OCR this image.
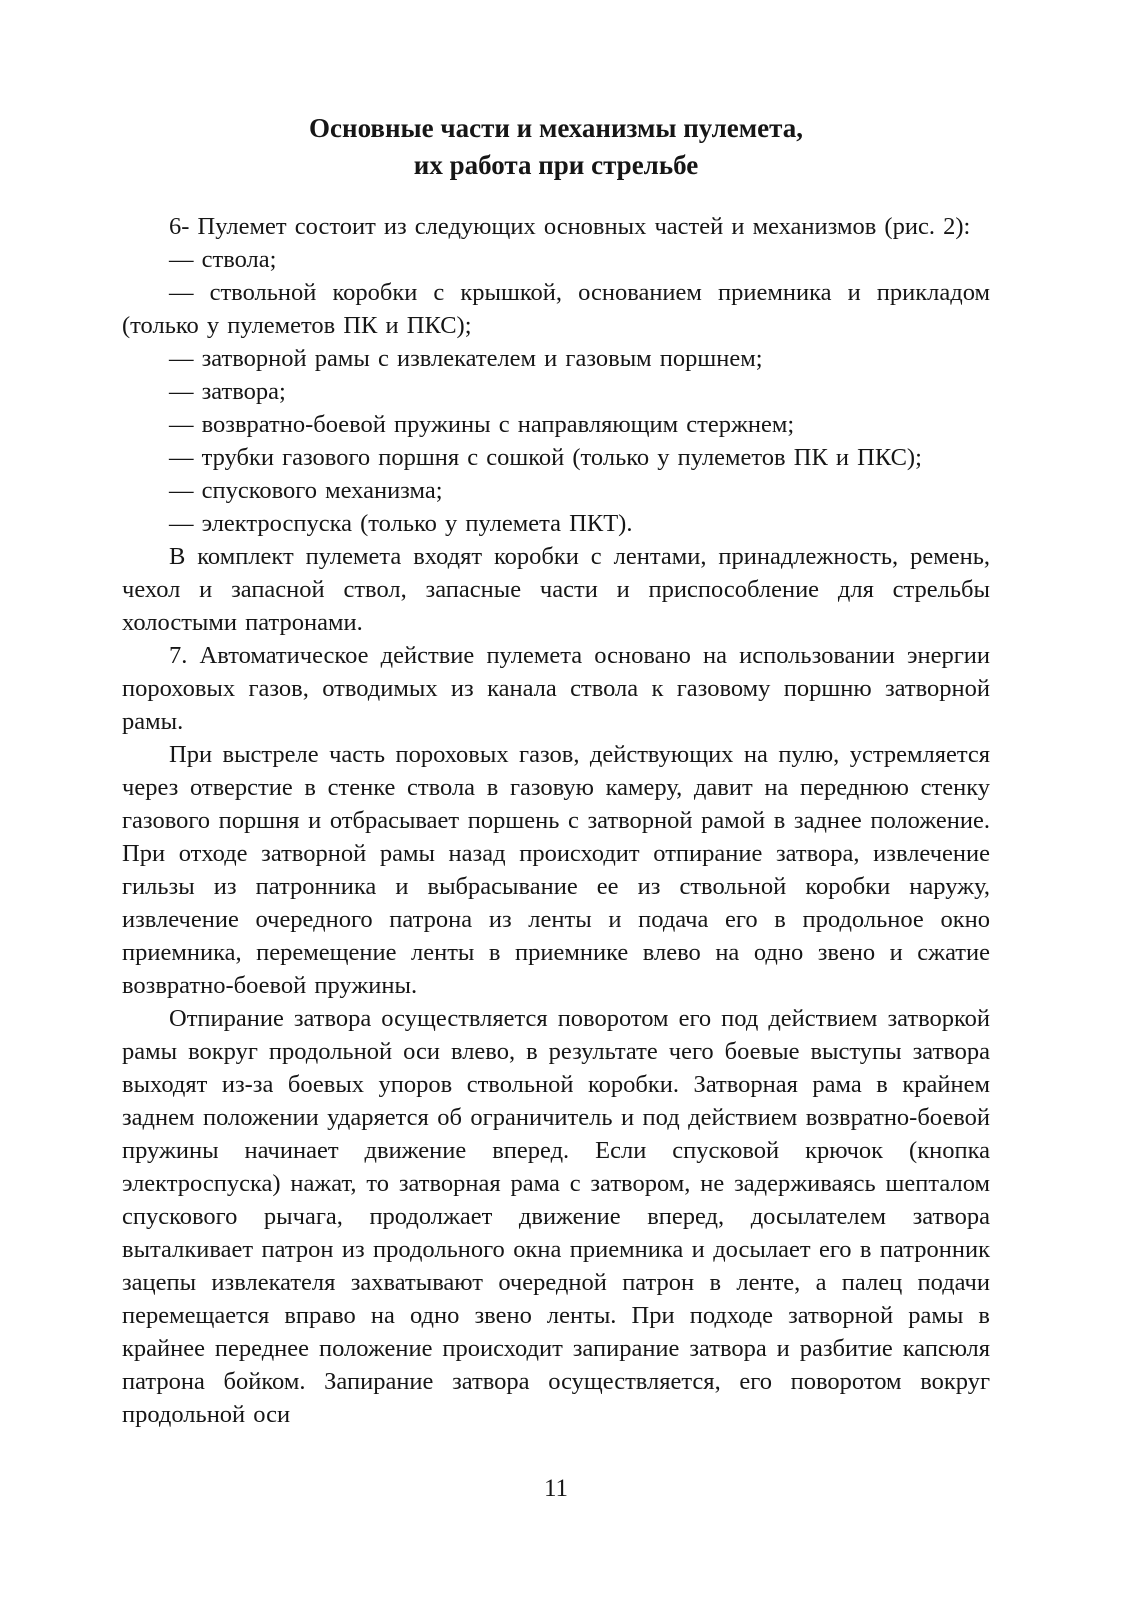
Основные части и механизмы пулемета,
их работа при стрельбе

6- Пулемет состоит из следующих основных частей и механизмов (рис. 2):

— ствола;

— ствольной коробки с крышкой, основанием приемника и прикладом (только у пулеметов ПК и ПКС);

— затворной рамы с извлекателем и газовым поршнем;

— затвора;

— возвратно-боевой пружины с направляющим стержнем;

— трубки газового поршня с сошкой (только у пулеметов ПК и ПКС);

— спускового механизма;

— электроспуска (только у пулемета ПКТ).

В комплект пулемета входят коробки с лентами, принадлежность, ремень, чехол и запасной ствол, запасные части и приспособление для стрельбы холостыми патронами.

7. Автоматическое действие пулемета основано на использовании энергии пороховых газов, отводимых из канала ствола к газовому поршню затворной рамы.

При выстреле часть пороховых газов, действующих на пулю, устремляется через отверстие в стенке ствола в газовую камеру, давит на переднюю стенку газового поршня и отбрасывает поршень с затворной рамой в заднее положение. При отходе затворной рамы назад происходит отпирание затвора, извлечение гильзы из патронника и выбрасывание ее из ствольной коробки наружу, извлечение очередного патрона из ленты и подача его в продольное окно приемника, перемещение ленты в приемнике влево на одно звено и сжатие возвратно-боевой пружины.

Отпирание затвора осуществляется поворотом его под действием затворкой рамы вокруг продольной оси влево, в результате чего боевые выступы затвора выходят из-за боевых упоров ствольной коробки. Затворная рама в крайнем заднем положении ударяется об ограничитель и под действием возвратно-боевой пружины начинает движение вперед. Если спусковой крючок (кнопка электроспуска) нажат, то затворная рама с затвором, не задерживаясь шепталом спускового рычага, продолжает движение вперед, досылателем затвора выталкивает патрон из продольного окна приемника и досылает его в патронник зацепы извлекателя захватывают очередной патрон в ленте, а палец подачи перемещается вправо на одно звено ленты. При подходе затворной рамы в крайнее переднее положение происходит запирание затвора и разбитие капсюля патрона бойком. Запирание затвора осуществляется, его поворотом вокруг продольной оси

11
